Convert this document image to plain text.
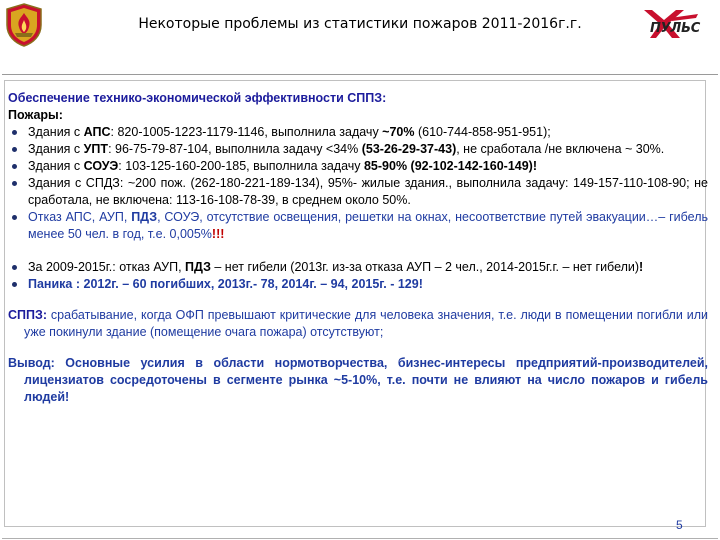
Некоторые проблемы из статистики пожаров 2011-2016г.г.	ПУЛЬС
Обеспечение технико-экономической эффективности СППЗ:
Пожары:
Здания с АПС: 820-1005-1223-1179-1146, выполнила задачу ~70% (610-744-858-951-951);
Здания с УПТ: 96-75-79-87-104, выполнила задачу <34% (53-26-29-37-43), не сработала /не включена ~ 30%.
Здания с СОУЭ: 103-125-160-200-185, выполнила задачу 85-90% (92-102-142-160-149)!
Здания с СПДЗ: ~200 пож. (262-180-221-189-134), 95%- жилые здания., выполнила задачу: 149-157-110-108-90; не сработала, не включена: 113-16-108-78-39, в среднем около 50%.
Отказ АПС, АУП, ПДЗ, СОУЭ, отсутствие освещения, решетки на окнах, несоответствие путей эвакуации…– гибель менее 50 чел. в год, т.е. 0,005%!!!
За 2009-2015г.: отказ АУП, ПДЗ – нет гибели (2013г. из-за отказа АУП – 2 чел., 2014-2015г.г. – нет гибели)!
Паника : 2012г. – 60 погибших, 2013г.- 78, 2014г. – 94, 2015г. - 129!
СППЗ: срабатывание, когда ОФП превышают критические для человека значения, т.е. люди в помещении погибли или уже покинули здание (помещение очага пожара) отсутствуют;
Вывод: Основные усилия в области нормотворчества, бизнес-интересы предприятий-производителей, лицензиатов сосредоточены в сегменте рынка ~5-10%, т.е. почти не влияют на число пожаров и гибель людей!
5
